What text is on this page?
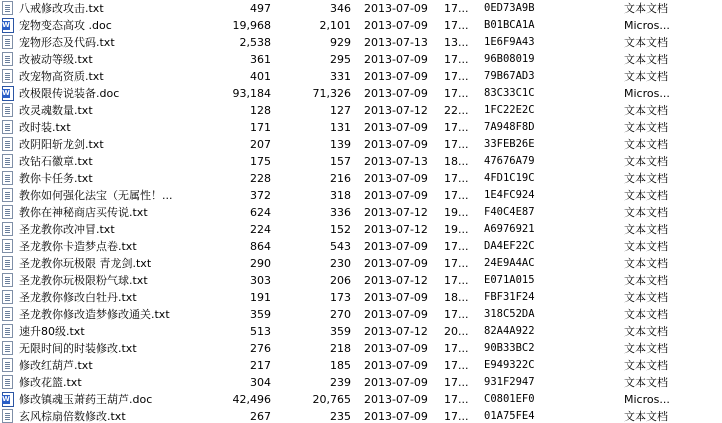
八戒修改攻击.txt	497	346 2013-07-09	17...	0ED73A9B	文本文档
W
宠物变态高攻 .doc	19,968	2,101 2013-07-09	17...	B01BCA1A	Micros...
宠物形态及代码.txt	2,538	929 2013-07-13	13...	1E6F9A43	文本文档
改被动等级.txt	361	295 2013-07-09	17...	96B08019	文本文档
改宠物高资质.txt	401	331 2013-07-09	17...	79B67AD3	文本文档
W
改极限传说装备.doc	93,184	71,326 2013-07-09	17...	83C33C1C	Micros...
改灵魂数量.txt	128	127 2013-07-12	22...	1FC22E2C	文本文档
改时装.txt	171	131 2013-07-09	17...	7A948F8D	文本文档
改阴阳斩龙剑.txt	207	139 2013-07-09	17...	33FEB26E	文本文档
改钻石徽章.txt	175	157 2013-07-13	18...	47676A79	文本文档
教你卡任务.txt	228	216 2013-07-09	17...	4FD1C19C	文本文档
教你如何强化法宝（无属性！...	372	318 2013-07-09	17...	1E4FC924	文本文档
教你在神秘商店买传说.txt	624	336 2013-07-12	19...	F40C4E87	文本文档
圣龙教你改冲冒.txt	224	152 2013-07-12	19...	A6976921	文本文档
圣龙教你卡造梦点卷.txt	864	543 2013-07-09	17...	DA4EF22C	文本文档
圣龙教你玩极限 青龙剑.txt	290	230 2013-07-09	17...	24E9A4AC	文本文档
圣龙教你玩极限粉气球.txt	303	206 2013-07-12	17...	E071A015	文本文档
圣龙教你修改白牡丹.txt	191	173 2013-07-09	18...	FBF31F24	文本文档
圣龙教你修改造梦修改通关.txt	359	270 2013-07-09	17...	318C52DA	文本文档
速升80级.txt	513	359 2013-07-12	20...	82A4A922	文本文档
无限时间的时装修改.txt	276	218 2013-07-09	17...	90B33BC2	文本文档
修改红葫芦.txt	217	185 2013-07-09	17...	E949322C	文本文档
修改花篮.txt	304	239 2013-07-09	17...	931F2947	文本文档
W
修改镇魂玉萧药王葫芦.doc	42,496	20,765 2013-07-09	17...	C0801EF0	Micros...
玄风棕扇倍数修改.txt	267	235 2013-07-09	17...	01A75FE4	文本文档
